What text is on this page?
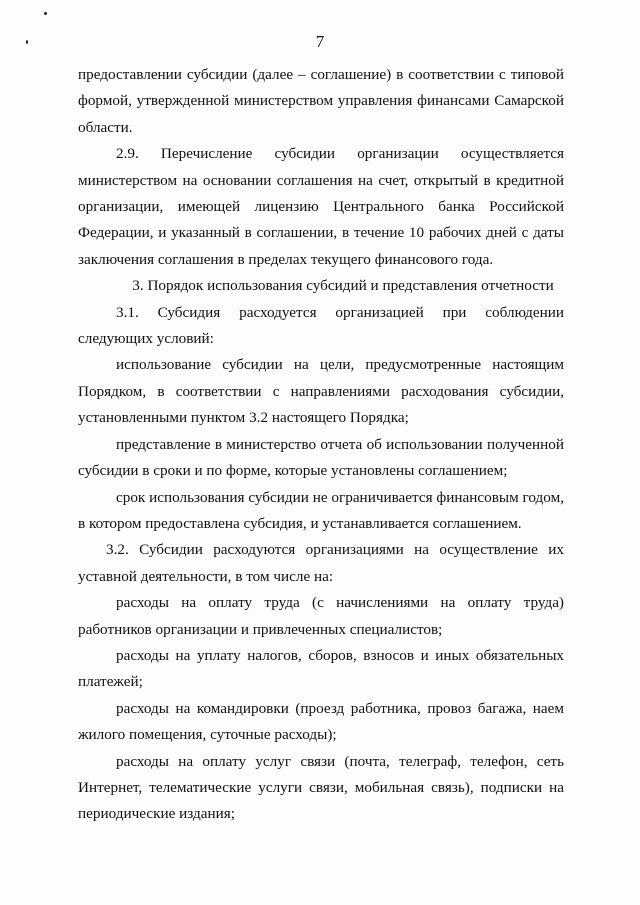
7

предоставлении субсидии (далее – соглашение) в соответствии с типовой формой, утвержденной министерством управления финансами Самарской области.

2.9. Перечисление субсидии организации осуществляется министерством на основании соглашения на счет, открытый в кредитной организации, имеющей лицензию Центрального банка Российской Федерации, и указанный в соглашении, в течение 10 рабочих дней с даты заключения соглашения в пределах текущего финансового года.

3. Порядок использования субсидий и представления отчетности

3.1. Субсидия расходуется организацией при соблюдении следующих условий:

использование субсидии на цели, предусмотренные настоящим Порядком, в соответствии с направлениями расходования субсидии, установленными пунктом 3.2 настоящего Порядка;

представление в министерство отчета об использовании полученной субсидии в сроки и по форме, которые установлены соглашением;

срок использования субсидии не ограничивается финансовым годом, в котором предоставлена субсидия, и устанавливается соглашением.

3.2. Субсидии расходуются организациями на осуществление их уставной деятельности, в том числе на:

расходы на оплату труда (с начислениями на оплату труда) работников организации и привлеченных специалистов;

расходы на уплату налогов, сборов, взносов и иных обязательных платежей;

расходы на командировки (проезд работника, провоз багажа, наем жилого помещения, суточные расходы);

расходы на оплату услуг связи (почта, телеграф, телефон, сеть Интернет, телематические услуги связи, мобильная связь), подписки на периодические издания;
